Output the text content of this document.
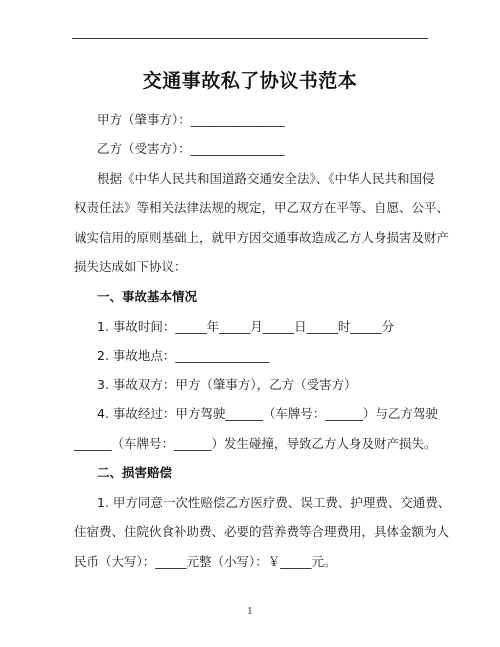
交通事故私了协议书范本
甲方（肇事方）：_______________
乙方（受害方）：_______________
根据《中华人民共和国道路交通安全法》、《中华人民共和国侵
权责任法》等相关法律法规的规定，甲乙双方在平等、自愿、公平、
诚实信用的原则基础上，就甲方因交通事故造成乙方人身损害及财产
损失达成如下协议：
一、事故基本情况
1. 事故时间：_____年_____月_____日_____时_____分
2. 事故地点：_______________
3. 事故双方：甲方（肇事方），乙方（受害方）
4. 事故经过：甲方驾驶______（车牌号：______）与乙方驾驶
______（车牌号：______）发生碰撞，导致乙方人身及财产损失。
二、损害赔偿
1. 甲方同意一次性赔偿乙方医疗费、误工费、护理费、交通费、
住宿费、住院伙食补助费、必要的营养费等合理费用，具体金额为人
民币（大写）：_____元整（小写）：￥_____元。
1
